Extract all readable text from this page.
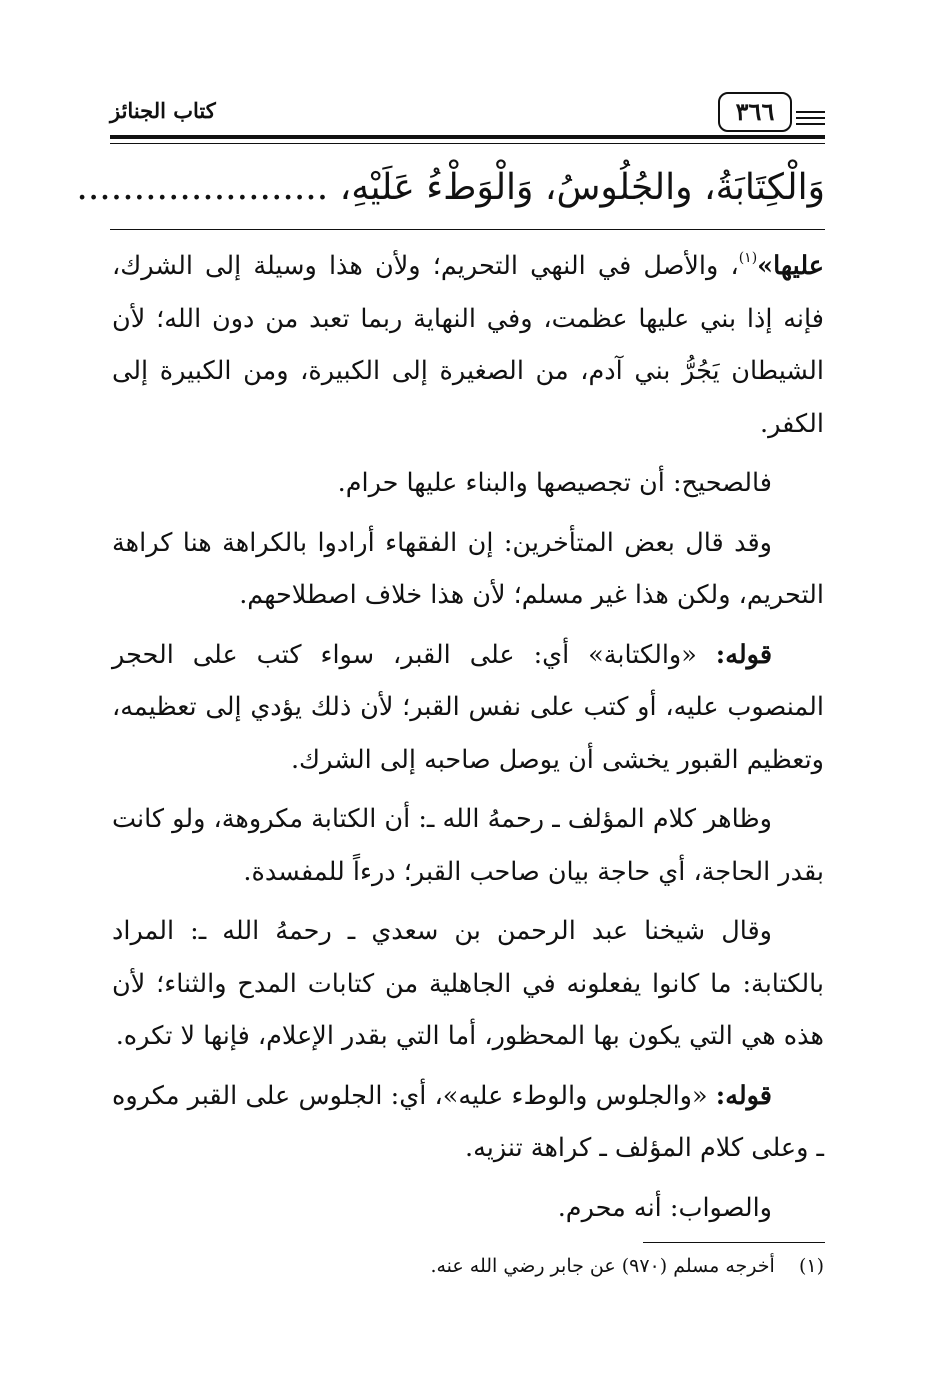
كتاب الجنائز	٣٦٦
وَالْكِتَابَةُ، والجُلُوسُ، وَالْوَطْءُ عَلَيْهِ، ......................

عليها»$^{(١)}$، والأصل في النهي التحريم؛ ولأن هذا وسيلة إلى الشرك، فإنه إذا بني عليها عظمت، وفي النهاية ربما تعبد من دون الله؛ لأن الشيطان يَجُرُّ بني آدم، من الصغيرة إلى الكبيرة، ومن الكبيرة إلى الكفر.

فالصحيح: أن تجصيصها والبناء عليها حرام.

وقد قال بعض المتأخرين: إن الفقهاء أرادوا بالكراهة هنا كراهة التحريم، ولكن هذا غير مسلم؛ لأن هذا خلاف اصطلاحهم.

قوله: «والكتابة» أي: على القبر، سواء كتب على الحجر المنصوب عليه، أو كتب على نفس القبر؛ لأن ذلك يؤدي إلى تعظيمه، وتعظيم القبور يخشى أن يوصل صاحبه إلى الشرك.

وظاهر كلام المؤلف ـ رحمهُ الله ـ: أن الكتابة مكروهة، ولو كانت بقدر الحاجة، أي حاجة بيان صاحب القبر؛ درءاً للمفسدة.

وقال شيخنا عبد الرحمن بن سعدي ـ رحمهُ الله ـ: المراد بالكتابة: ما كانوا يفعلونه في الجاهلية من كتابات المدح والثناء؛ لأن هذه هي التي يكون بها المحظور، أما التي بقدر الإعلام، فإنها لا تكره.

قوله: «والجلوس والوطء عليه»، أي: الجلوس على القبر مكروه ـ وعلى كلام المؤلف ـ كراهة تنزيه.

والصواب: أنه محرم.

(١)    أخرجه مسلم (٩٧٠) عن جابر رضي الله عنه.
